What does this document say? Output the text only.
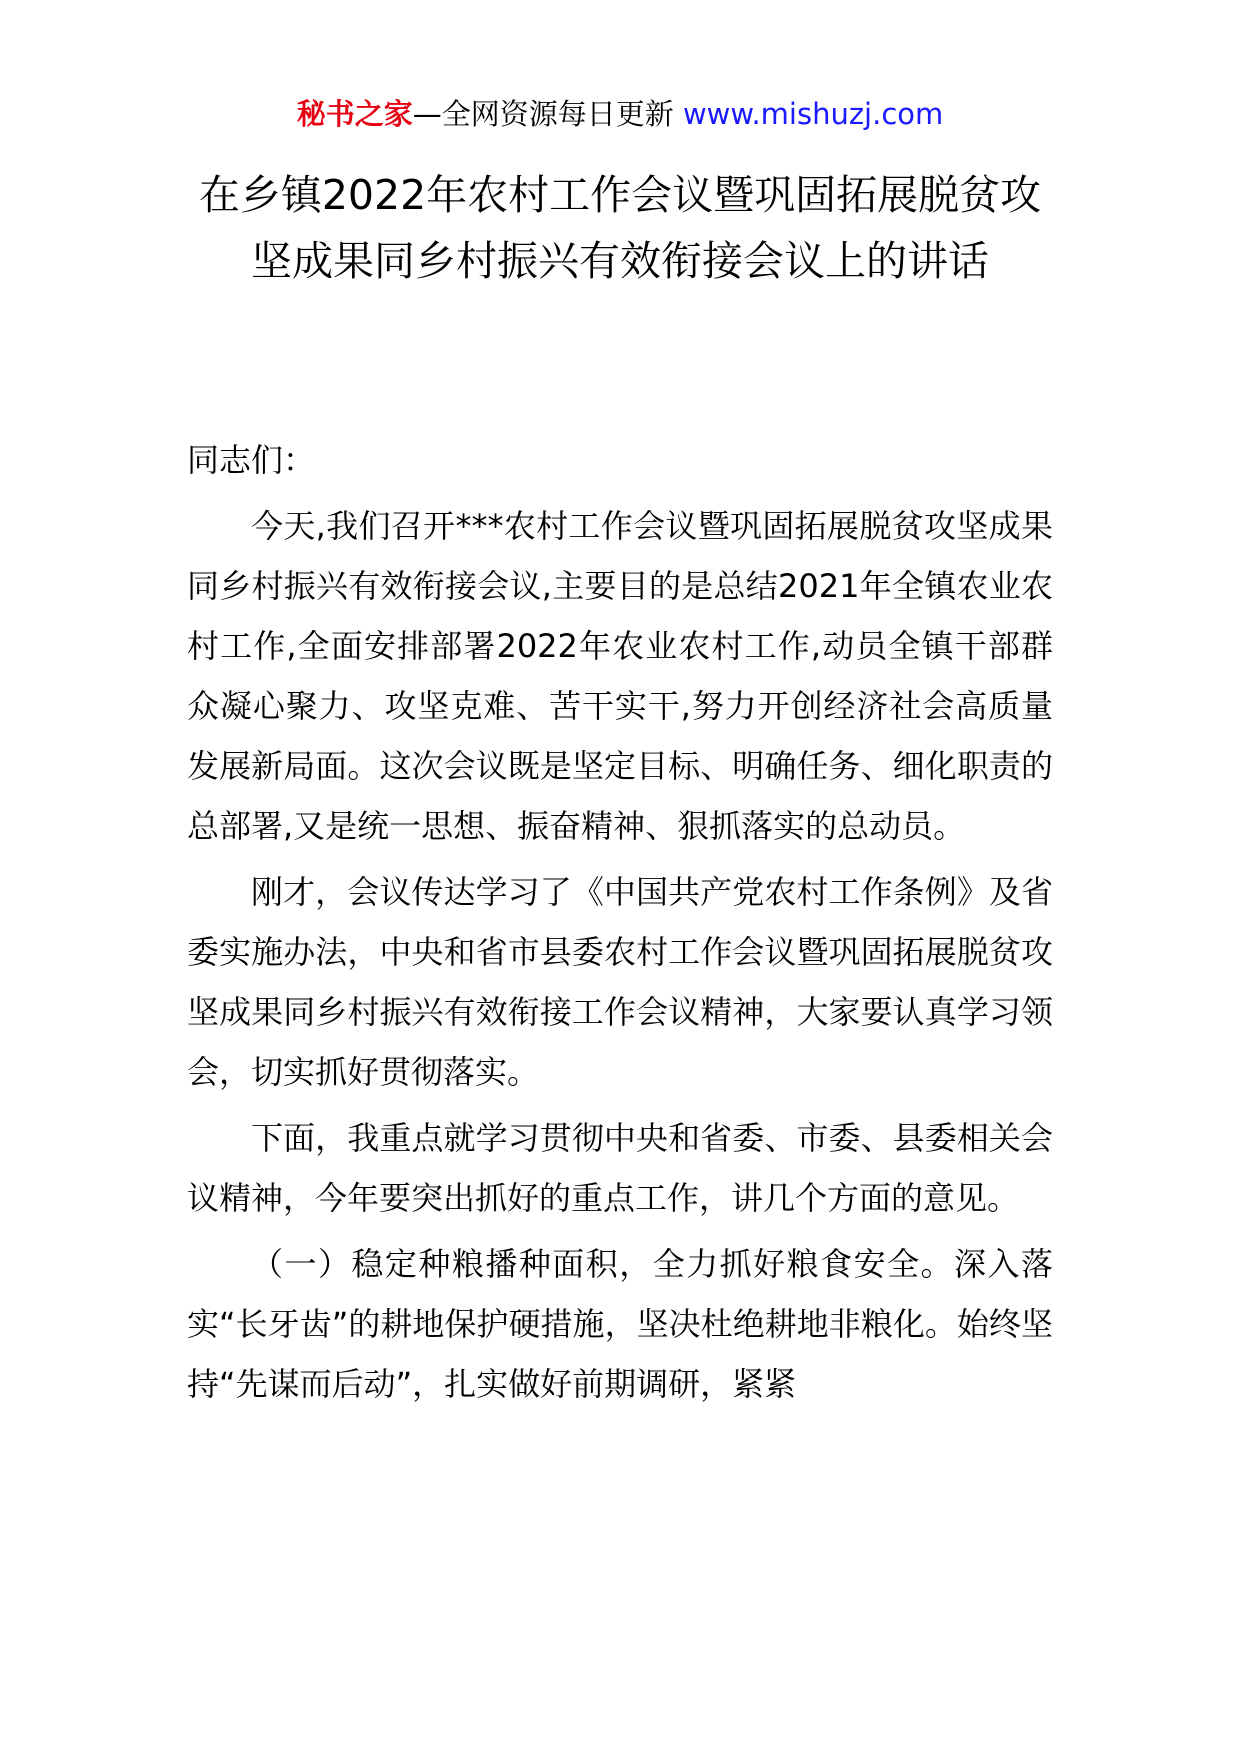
秘书之家—全网资源每日更新 www.mishuzj.com
在乡镇2022年农村工作会议暨巩固拓展脱贫攻坚成果同乡村振兴有效衔接会议上的讲话

同志们：

今天,我们召开***农村工作会议暨巩固拓展脱贫攻坚成果同乡村振兴有效衔接会议,主要目的是总结2021年全镇农业农村工作,全面安排部署2022年农业农村工作,动员全镇干部群众凝心聚力、攻坚克难、苦干实干,努力开创经济社会高质量发展新局面。这次会议既是坚定目标、明确任务、细化职责的总部署,又是统一思想、振奋精神、狠抓落实的总动员。

刚才，会议传达学习了《中国共产党农村工作条例》及省委实施办法，中央和省市县委农村工作会议暨巩固拓展脱贫攻坚成果同乡村振兴有效衔接工作会议精神，大家要认真学习领会，切实抓好贯彻落实。

下面，我重点就学习贯彻中央和省委、市委、县委相关会议精神，今年要突出抓好的重点工作，讲几个方面的意见。

（一）稳定种粮播种面积，全力抓好粮食安全。深入落实“长牙齿”的耕地保护硬措施，坚决杜绝耕地非粮化。始终坚持“先谋而后动”，扎实做好前期调研，紧紧
